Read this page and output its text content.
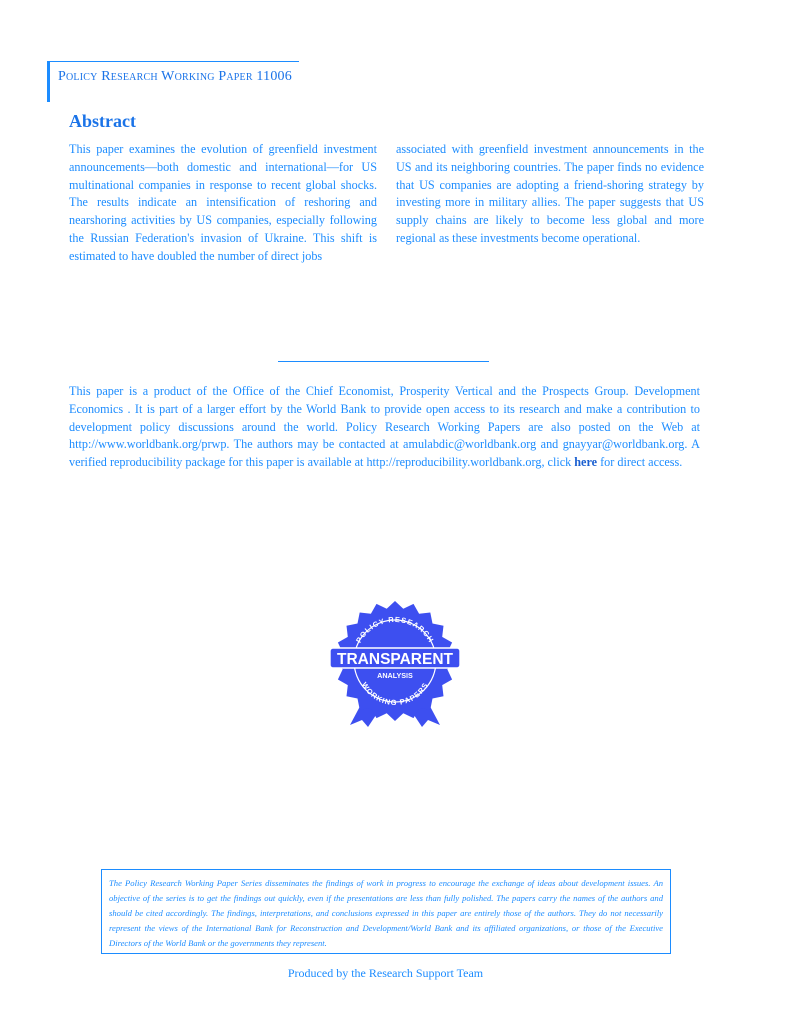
Policy Research Working Paper 11006
Abstract

This paper examines the evolution of greenfield investment announcements—both domestic and international—for US multinational companies in response to recent global shocks. The results indicate an intensification of reshoring and nearshoring activities by US companies, especially following the Russian Federation's invasion of Ukraine. This shift is estimated to have doubled the number of direct jobs

associated with greenfield investment announcements in the US and its neighboring countries. The paper finds no evidence that US companies are adopting a friend-shoring strategy by investing more in military allies. The paper suggests that US supply chains are likely to become less global and more regional as these investments become operational.

This paper is a product of the Office of the Chief Economist, Prosperity Vertical and the Prospects Group. Development Economics . It is part of a larger effort by the World Bank to provide open access to its research and make a contribution to development policy discussions around the world. Policy Research Working Papers are also posted on the Web at http://www.worldbank.org/prwp. The authors may be contacted at amulabdic@worldbank.org and gnayyar@worldbank.org. A verified reproducibility package for this paper is available at http://reproducibility.worldbank.org, click here for direct access.

POLICY RESEARCH
TRANSPARENT
ANALYSIS
WORKING PAPERS

The Policy Research Working Paper Series disseminates the findings of work in progress to encourage the exchange of ideas about development issues. An objective of the series is to get the findings out quickly, even if the presentations are less than fully polished. The papers carry the names of the authors and should be cited accordingly. The findings, interpretations, and conclusions expressed in this paper are entirely those of the authors. They do not necessarily represent the views of the International Bank for Reconstruction and Development/World Bank and its affiliated organizations, or those of the Executive Directors of the World Bank or the governments they represent.

Produced by the Research Support Team
